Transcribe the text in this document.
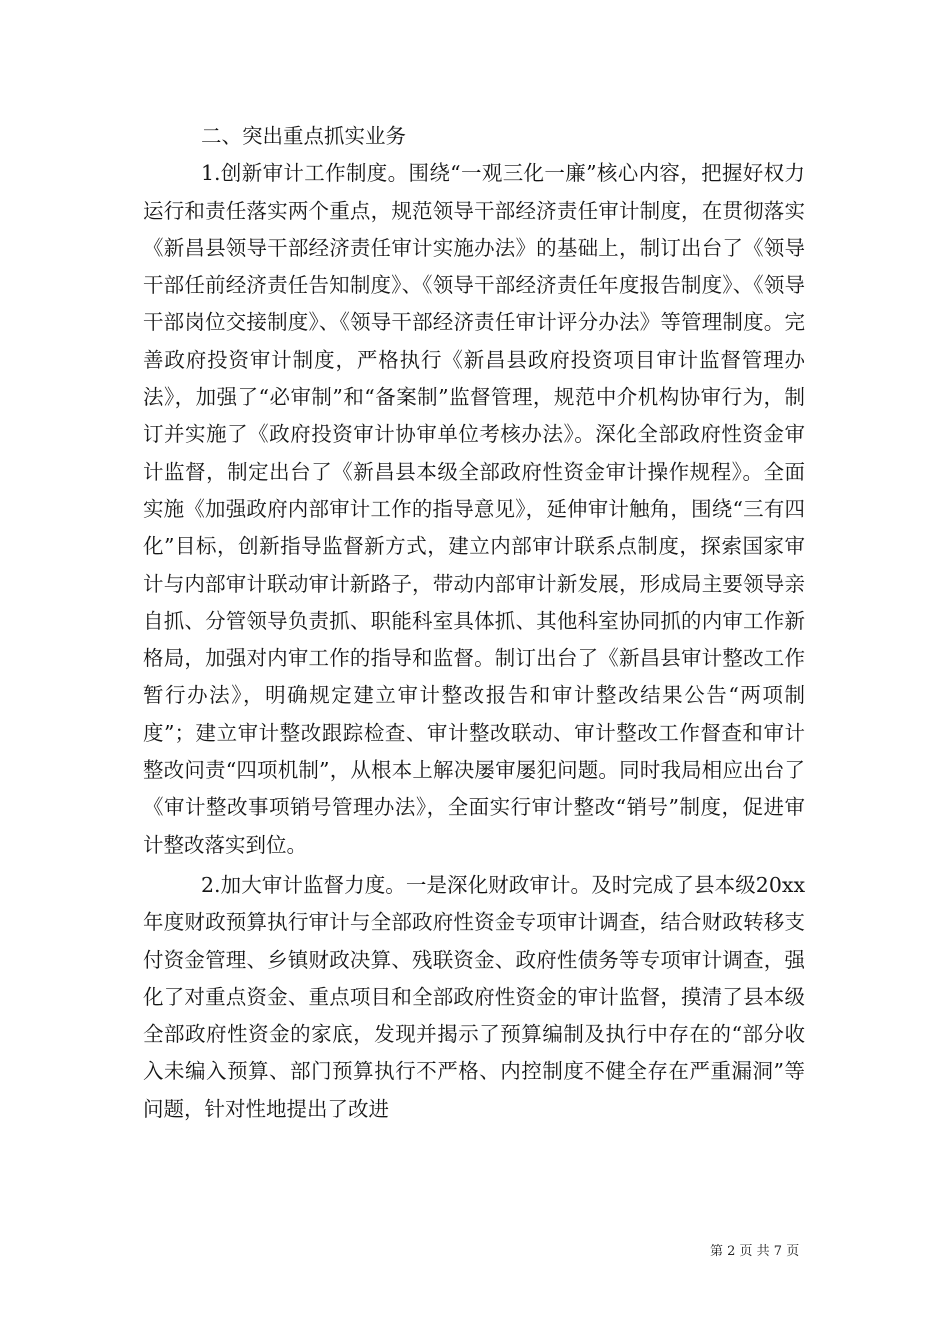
二、突出重点抓实业务

1.创新审计工作制度。围绕“一观三化一廉”核心内容，把握好权力运行和责任落实两个重点，规范领导干部经济责任审计制度，在贯彻落实《新昌县领导干部经济责任审计实施办法》的基础上，制订出台了《领导干部任前经济责任告知制度》、《领导干部经济责任年度报告制度》、《领导干部岗位交接制度》、《领导干部经济责任审计评分办法》等管理制度。完善政府投资审计制度，严格执行《新昌县政府投资项目审计监督管理办法》，加强了“必审制”和“备案制”监督管理，规范中介机构协审行为，制订并实施了《政府投资审计协审单位考核办法》。深化全部政府性资金审计监督，制定出台了《新昌县本级全部政府性资金审计操作规程》。全面实施《加强政府内部审计工作的指导意见》，延伸审计触角，围绕“三有四化”目标，创新指导监督新方式，建立内部审计联系点制度，探索国家审计与内部审计联动审计新路子，带动内部审计新发展，形成局主要领导亲自抓、分管领导负责抓、职能科室具体抓、其他科室协同抓的内审工作新格局，加强对内审工作的指导和监督。制订出台了《新昌县审计整改工作暂行办法》，明确规定建立审计整改报告和审计整改结果公告“两项制度”；建立审计整改跟踪检查、审计整改联动、审计整改工作督查和审计整改问责“四项机制”，从根本上解决屡审屡犯问题。同时我局相应出台了《审计整改事项销号管理办法》，全面实行审计整改“销号”制度，促进审计整改落实到位。

2.加大审计监督力度。一是深化财政审计。及时完成了县本级20xx年度财政预算执行审计与全部政府性资金专项审计调查，结合财政转移支付资金管理、乡镇财政决算、残联资金、政府性债务等专项审计调查，强化了对重点资金、重点项目和全部政府性资金的审计监督，摸清了县本级全部政府性资金的家底，发现并揭示了预算编制及执行中存在的“部分收入未编入预算、部门预算执行不严格、内控制度不健全存在严重漏洞”等问题，针对性地提出了改进

第 2 页 共 7 页
